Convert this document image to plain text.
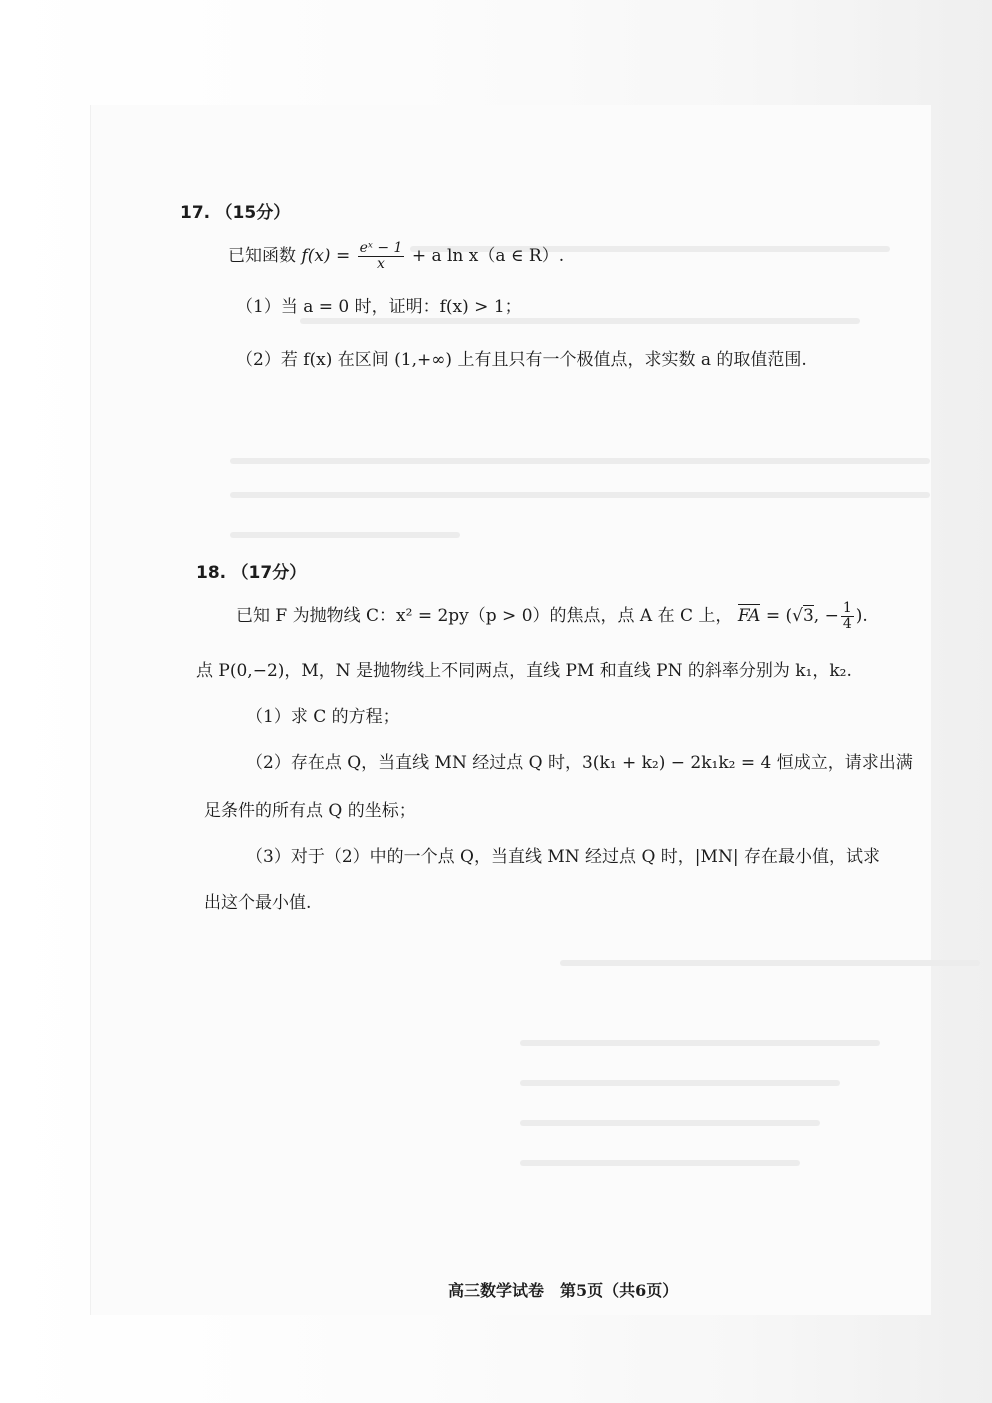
17. （15分）
已知函数 $f(x) = \frac{\text{eˣ − 1}}{x} + a$ ln x（a ∈ R）.
（1）当 a = 0 时，证明：f(x) > 1；
（2）若 f(x) 在区间 (1,+∞) 上有且只有一个极值点，求实数 a 的取值范围.
18. （17分）
已知 F 为抛物线 C：x² = 2py（p > 0）的焦点，点 A 在 C 上， FA = (√3, − $\frac{1}{4}$ ).
点 P(0,−2)，M，N 是抛物线上不同两点，直线 PM 和直线 PN 的斜率分别为 k₁，k₂.
（1）求 C 的方程；
（2）存在点 Q，当直线 MN 经过点 Q 时，3(k₁ + k₂) − 2k₁k₂ = 4 恒成立，请求出满
足条件的所有点 Q 的坐标；
（3）对于（2）中的一个点 Q，当直线 MN 经过点 Q 时，|MN| 存在最小值，试求
出这个最小值.
高三数学试卷　第5页（共6页）
